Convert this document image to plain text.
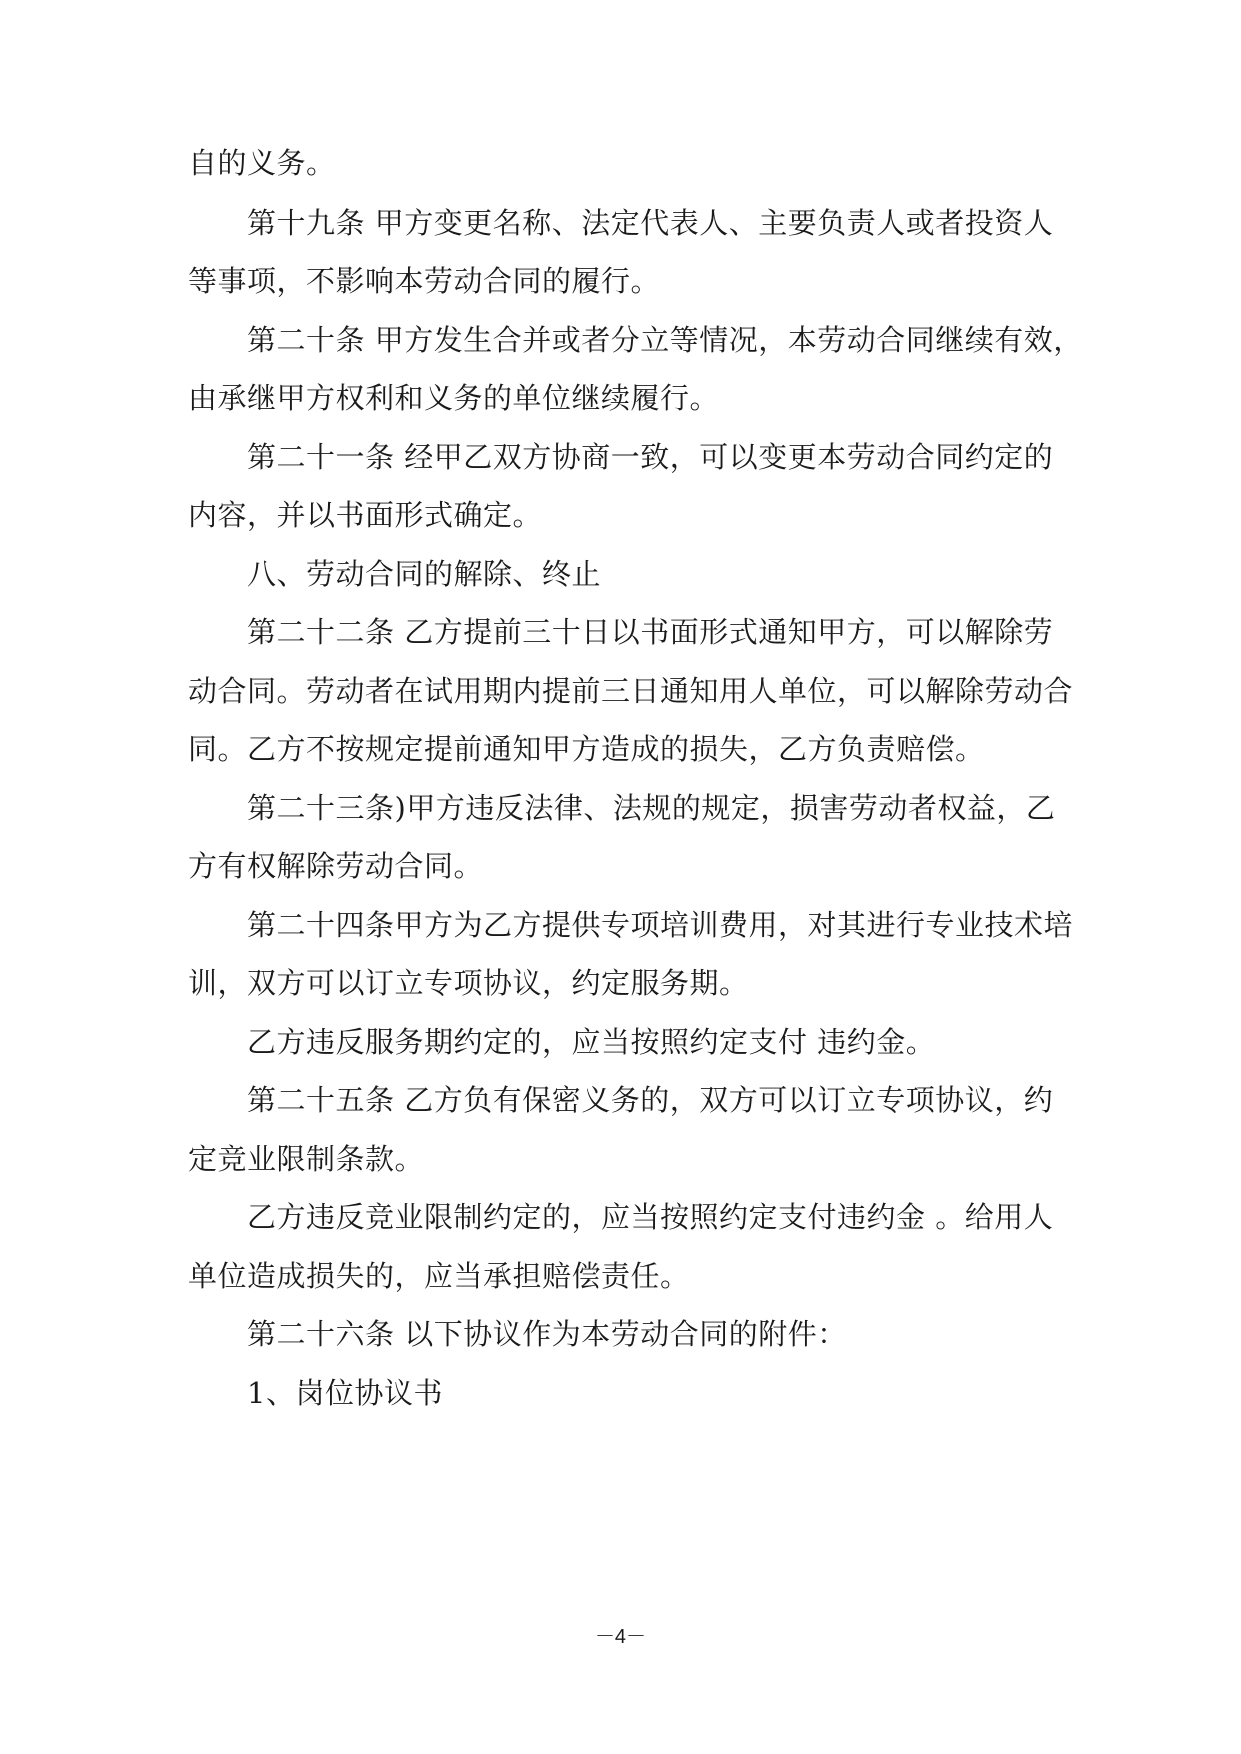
自的义务。
第十九条 甲方变更名称、法定代表人、主要负责人或者投资人
等事项，不影响本劳动合同的履行。
第二十条 甲方发生合并或者分立等情况，本劳动合同继续有效，
由承继甲方权利和义务的单位继续履行。
第二十一条 经甲乙双方协商一致，可以变更本劳动合同约定的
内容，并以书面形式确定。
八、劳动合同的解除、终止
第二十二条 乙方提前三十日以书面形式通知甲方，可以解除劳
动合同。劳动者在试用期内提前三日通知用人单位，可以解除劳动合
同。乙方不按规定提前通知甲方造成的损失，乙方负责赔偿。
第二十三条)甲方违反法律、法规的规定，损害劳动者权益，乙
方有权解除劳动合同。
第二十四条甲方为乙方提供专项培训费用，对其进行专业技术培
训，双方可以订立专项协议，约定服务期。
乙方违反服务期约定的，应当按照约定支付 违约金。
第二十五条 乙方负有保密义务的，双方可以订立专项协议，约
定竞业限制条款。
乙方违反竞业限制约定的，应当按照约定支付违约金 。给用人
单位造成损失的，应当承担赔偿责任。
第二十六条 以下协议作为本劳动合同的附件：
1、岗位协议书
－4－
